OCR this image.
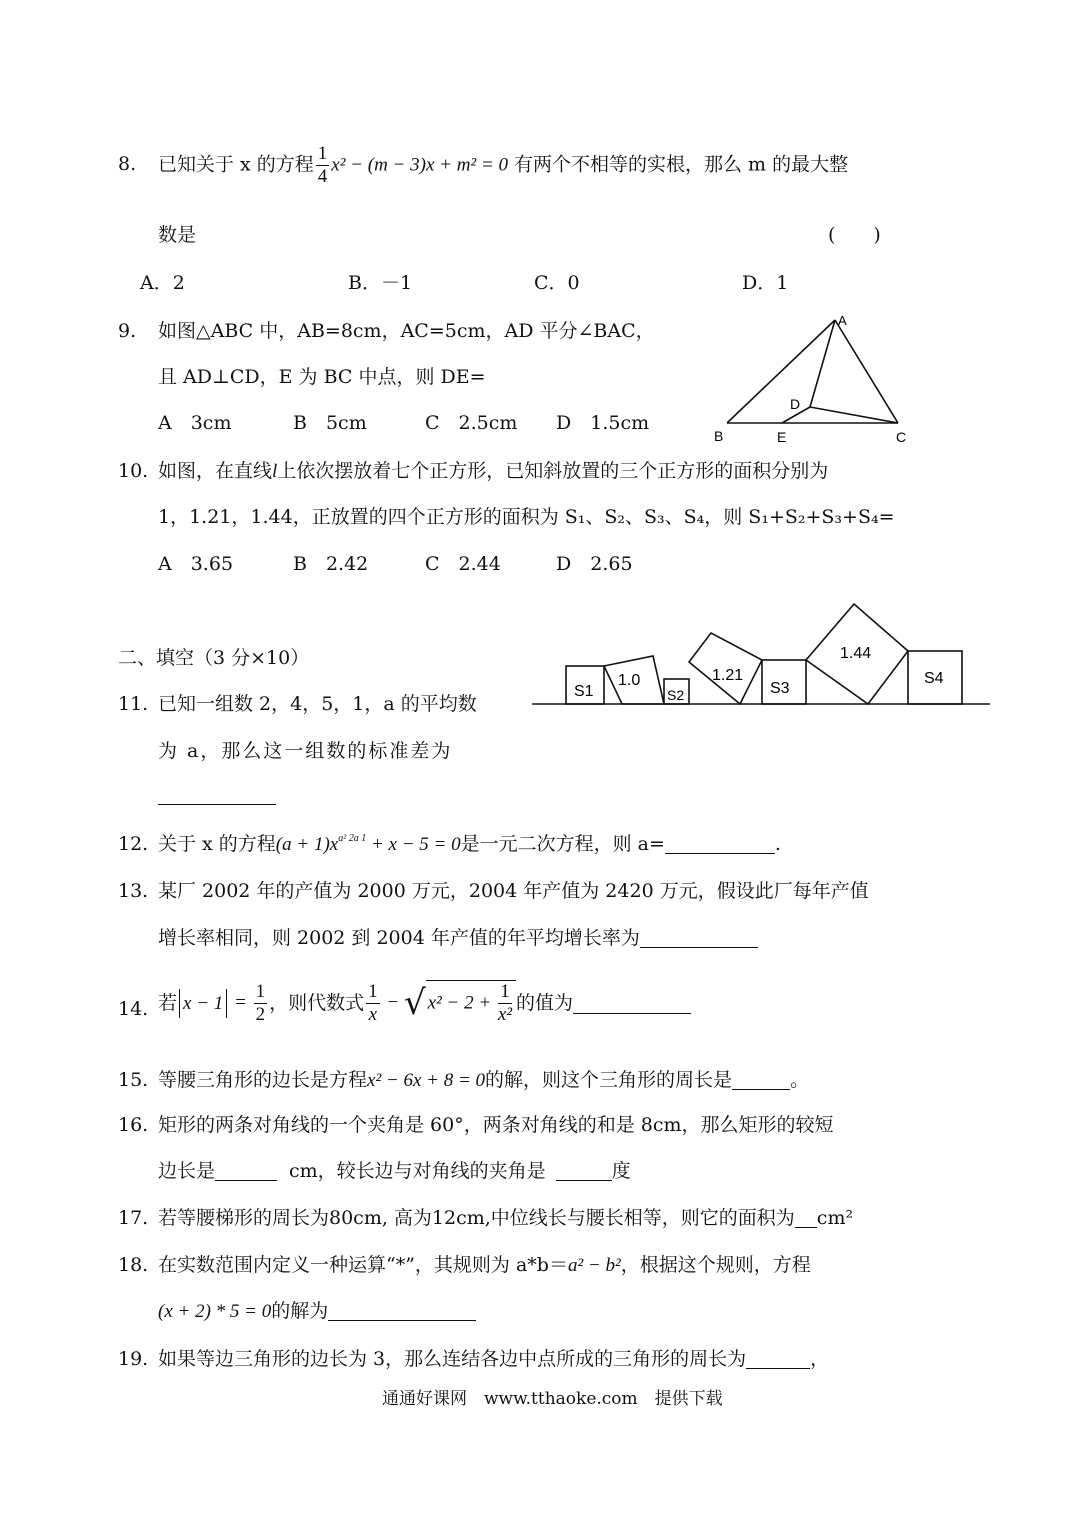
8. 已知关于 x 的方程 $\frac{1}{4} x^2 - (m - 3)x + m^2 = 0$ 有两个不相等的实根，那么 m 的最大整
数是	(　　)
A．2	B．－1	C．0	D．1
9. 如图△ABC 中，AB=8cm，AC=5cm，AD 平分∠BAC，
且 AD⊥CD，E 为 BC 中点，则 DE=
A　3cm	B　5cm	C　2.5cm D　1.5cm
A
B	C
D
E
10. 如图，在直线l上依次摆放着七个正方形，已知斜放置的三个正方形的面积分别为
1，1.21，1.44，正放置的四个正方形的面积为 S₁、S₂、S₃、S₄，则 S₁+S₂+S₃+S₄=
A　3.65	B　2.42	C　2.44	D　2.65
S1
1.0
S2
1.21
S3
1.44
S4
二、填空（3 分×10）
11. 已知一组数 2，4，5，1，a 的平均数
为 a，那么这一组数的标准差为
12. 关于 x 的方程$(a + 1)x^{a^2 2a 1} + x - 5 = 0$是一元二次方程，则 a=	.
13. 某厂 2002 年的产值为 2000 万元，2004 年产值为 2420 万元，假设此厂每年产值
增长率相同，则 2002 到 2004 年产值的年平均增长率为
14. 若 $x - 1 = \frac{1}{2}$ ，则代数式 $\frac{1}{x}$ − √ $x^2 - 2 + \frac{1}{\text{x²}}$ 的值为
15. 等腰三角形的边长是方程x² − 6x + 8 = 0的解，则这个三角形的周长是	。
16. 矩形的两条对角线的一个夹角是 60°，两条对角线的和是 8cm，那么矩形的较短
边长是	cm，较长边与对角线的夹角是	度
17. 若等腰梯形的周长为80cm, 高为12cm,中位线长与腰长相等，则它的面积为 cm²
18. 在实数范围内定义一种运算“*”，其规则为 a*b＝a² − b²，根据这个规则，方程
(x + 2) * 5 = 0的解为
19. 如果等边三角形的边长为 3，那么连结各边中点所成的三角形的周长为	，
通通好课网　www.tthaoke.com　提供下载
